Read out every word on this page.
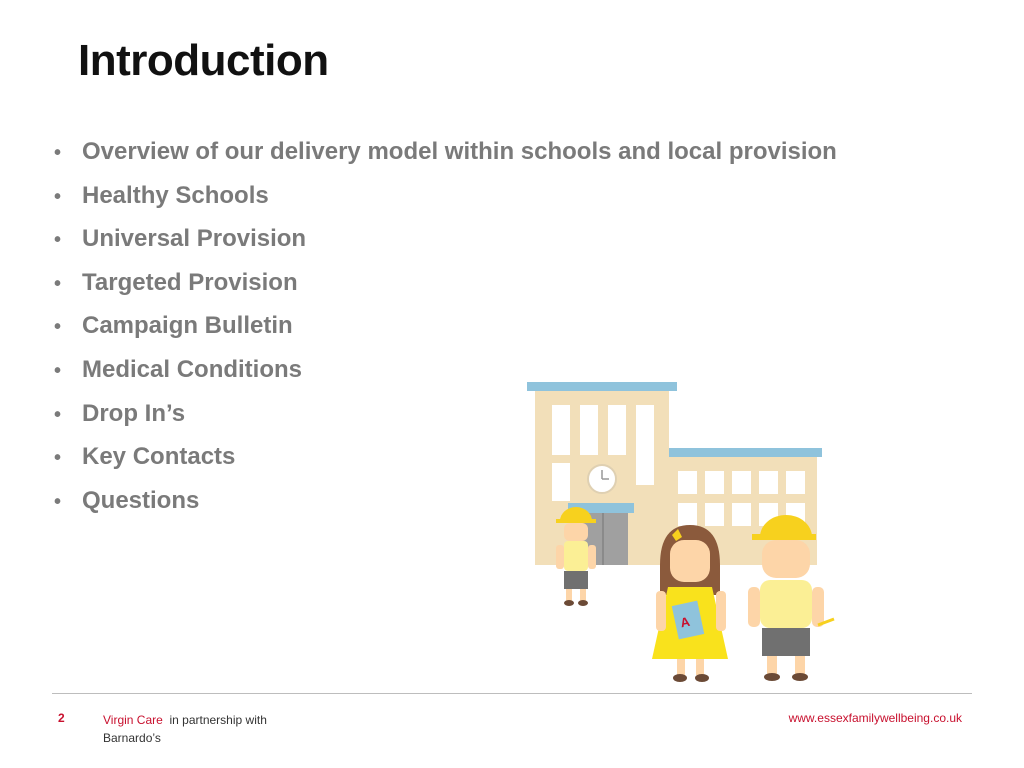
Introduction
• Overview of our delivery model within schools and local provision
• Healthy Schools
• Universal Provision
• Targeted Provision
• Campaign Bulletin
• Medical Conditions
• Drop In’s
• Key Contacts
• Questions
A
2	Virgin Care in partnership with
Barnardo’s
www.essexfamilywellbeing.co.uk
